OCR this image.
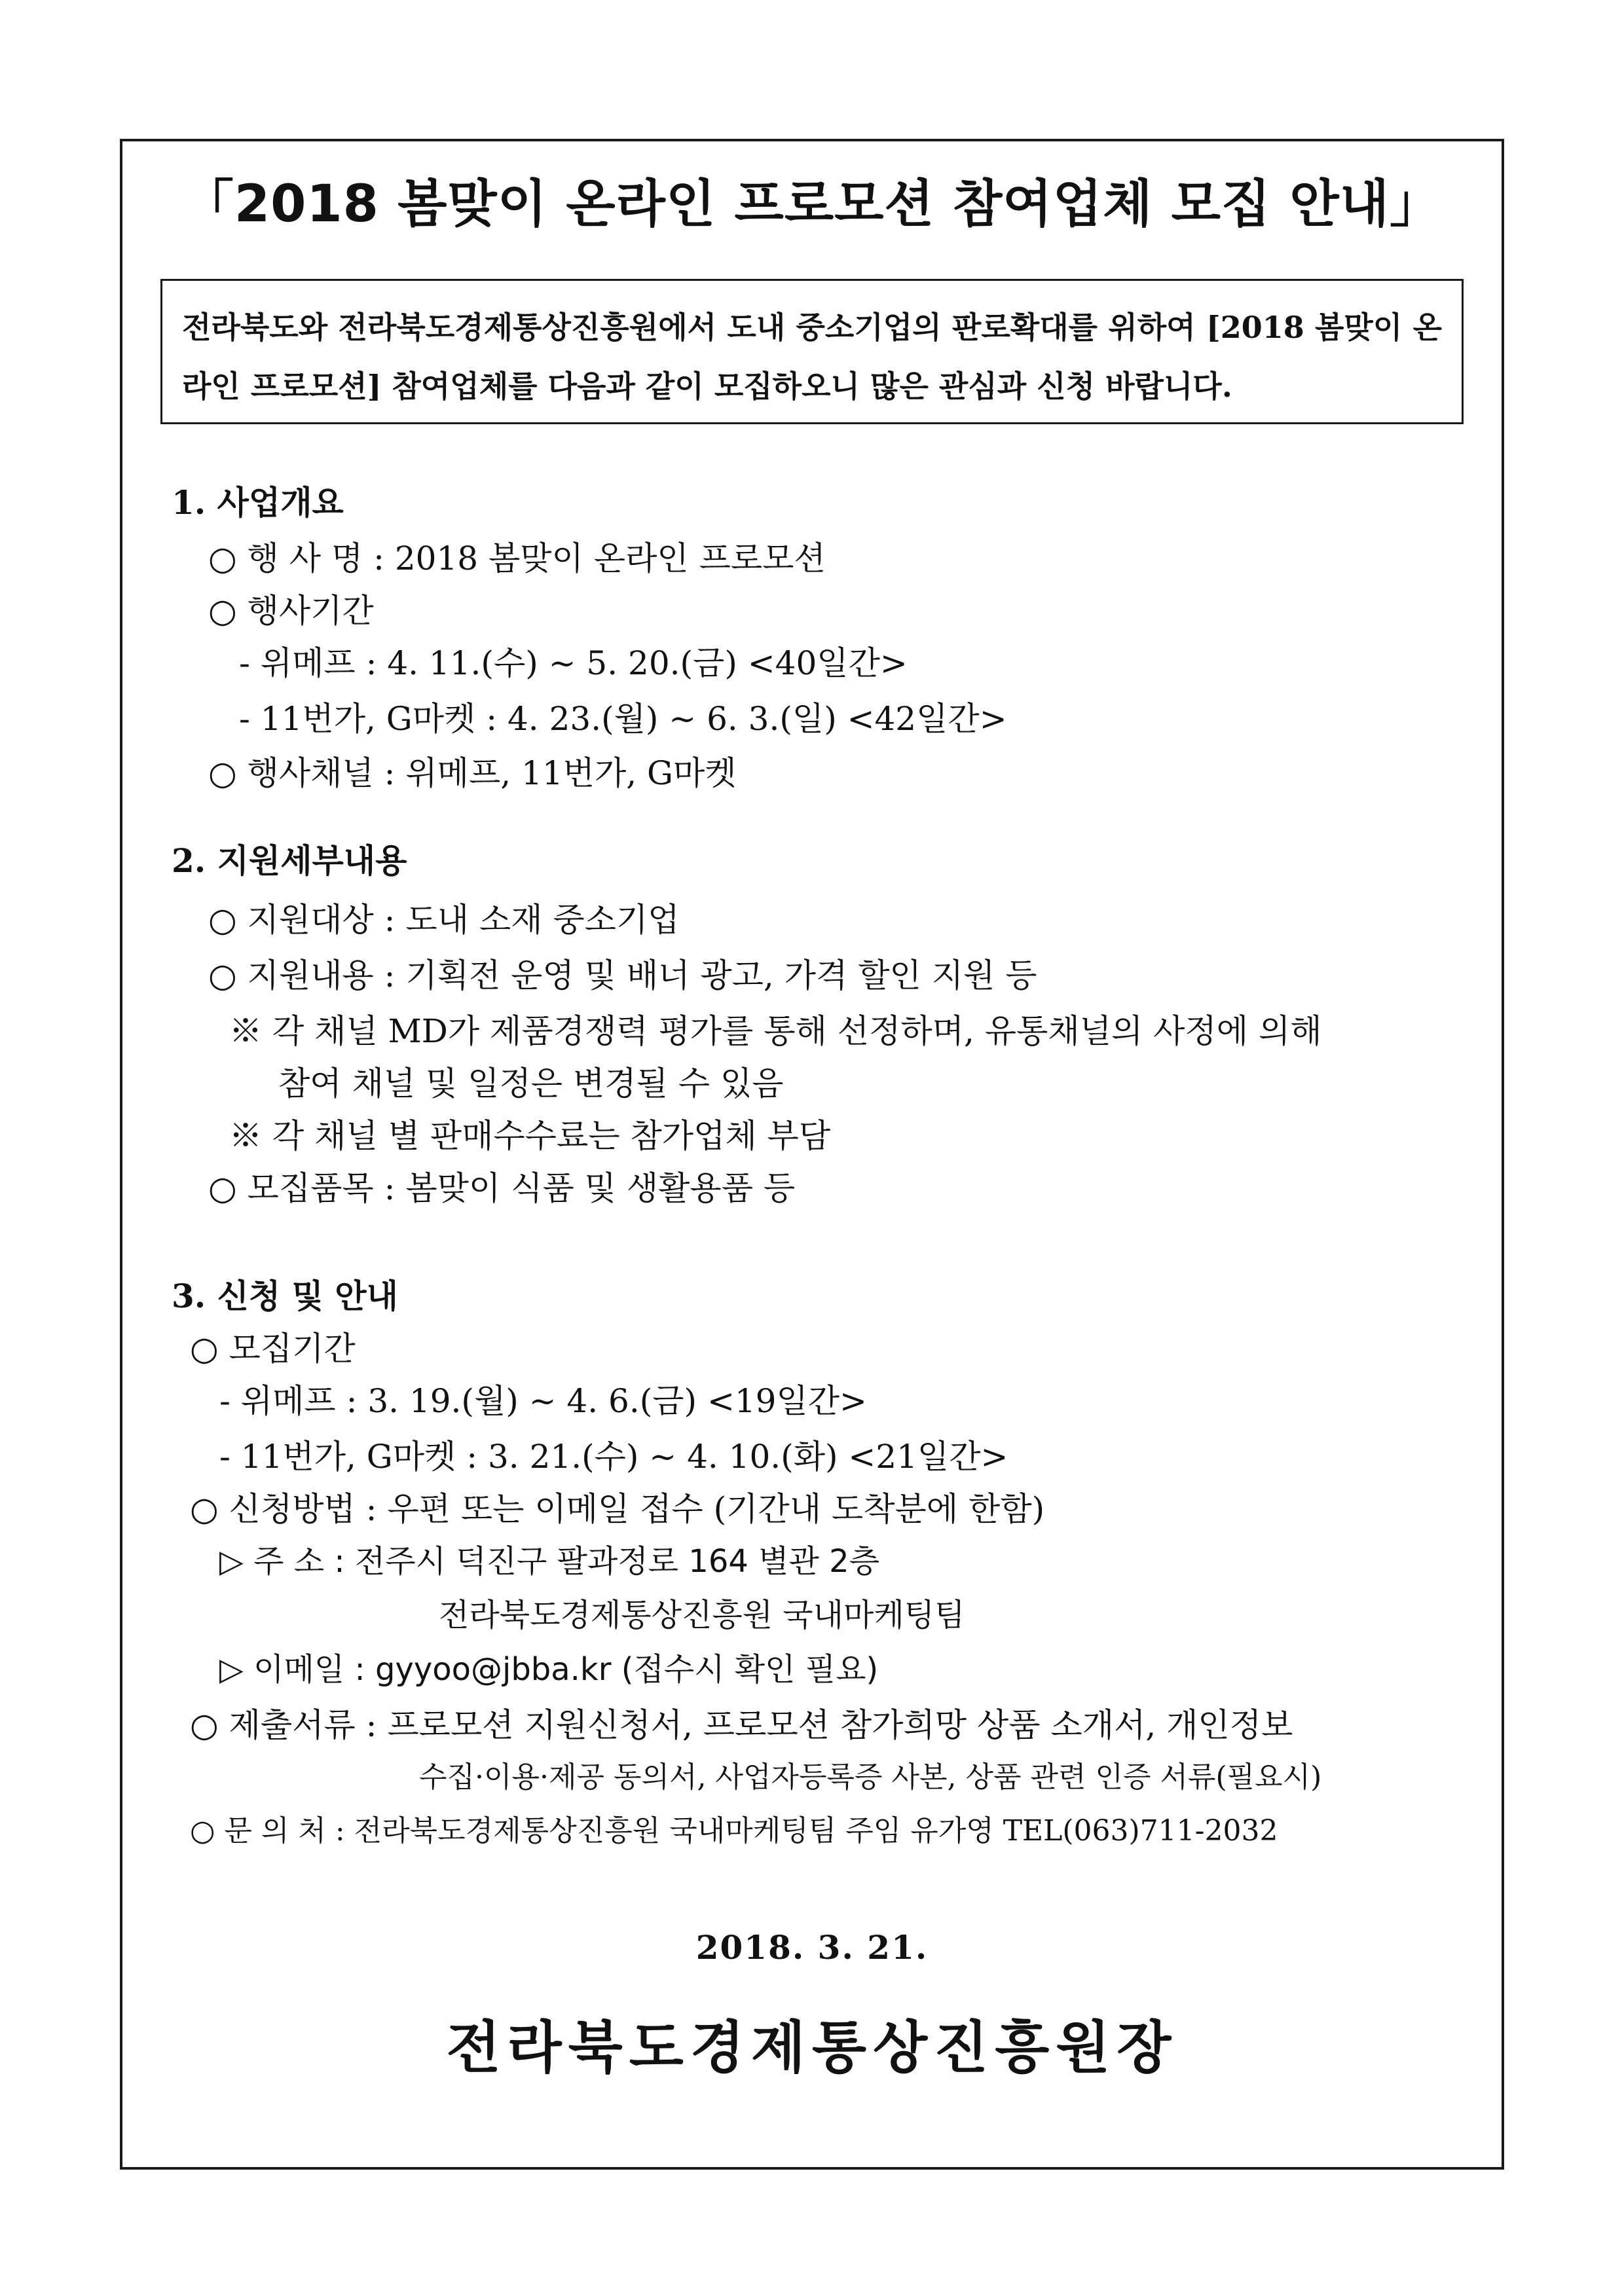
「2018 봄맞이 온라인 프로모션 참여업체 모집 안내」
전라북도와 전라북도경제통상진흥원에서 도내 중소기업의 판로확대를 위하여 [2018 봄맞이 온라인 프로모션] 참여업체를 다음과 같이 모집하오니 많은 관심과 신청 바랍니다.
1. 사업개요
○ 행 사 명 : 2018 봄맞이 온라인 프로모션
○ 행사기간
- 위메프 : 4. 11.(수) ~ 5. 20.(금) <40일간>
- 11번가, G마켓 : 4. 23.(월) ~ 6. 3.(일) <42일간>
○ 행사채널 : 위메프, 11번가, G마켓
2. 지원세부내용
○ 지원대상 : 도내 소재 중소기업
○ 지원내용 : 기획전 운영 및 배너 광고, 가격 할인 지원 등
※ 각 채널 MD가 제품경쟁력 평가를 통해 선정하며, 유통채널의 사정에 의해
참여 채널 및 일정은 변경될 수 있음
※ 각 채널 별 판매수수료는 참가업체 부담
○ 모집품목 : 봄맞이 식품 및 생활용품 등
3. 신청 및 안내
○ 모집기간
- 위메프 : 3. 19.(월) ~ 4. 6.(금) <19일간>
- 11번가, G마켓 : 3. 21.(수) ~ 4. 10.(화) <21일간>
○ 신청방법 : 우편 또는 이메일 접수 (기간내 도착분에 한함)
▷ 주 소 : 전주시 덕진구 팔과정로 164 별관 2층
전라북도경제통상진흥원 국내마케팅팀
▷ 이메일 : gyyoo@jbba.kr (접수시 확인 필요)
○ 제출서류 : 프로모션 지원신청서, 프로모션 참가희망 상품 소개서, 개인정보
수집·이용·제공 동의서, 사업자등록증 사본, 상품 관련 인증 서류(필요시)
○ 문 의 처 : 전라북도경제통상진흥원 국내마케팅팀 주임 유가영 TEL(063)711-2032
2018. 3. 21.
전라북도경제통상진흥원장
